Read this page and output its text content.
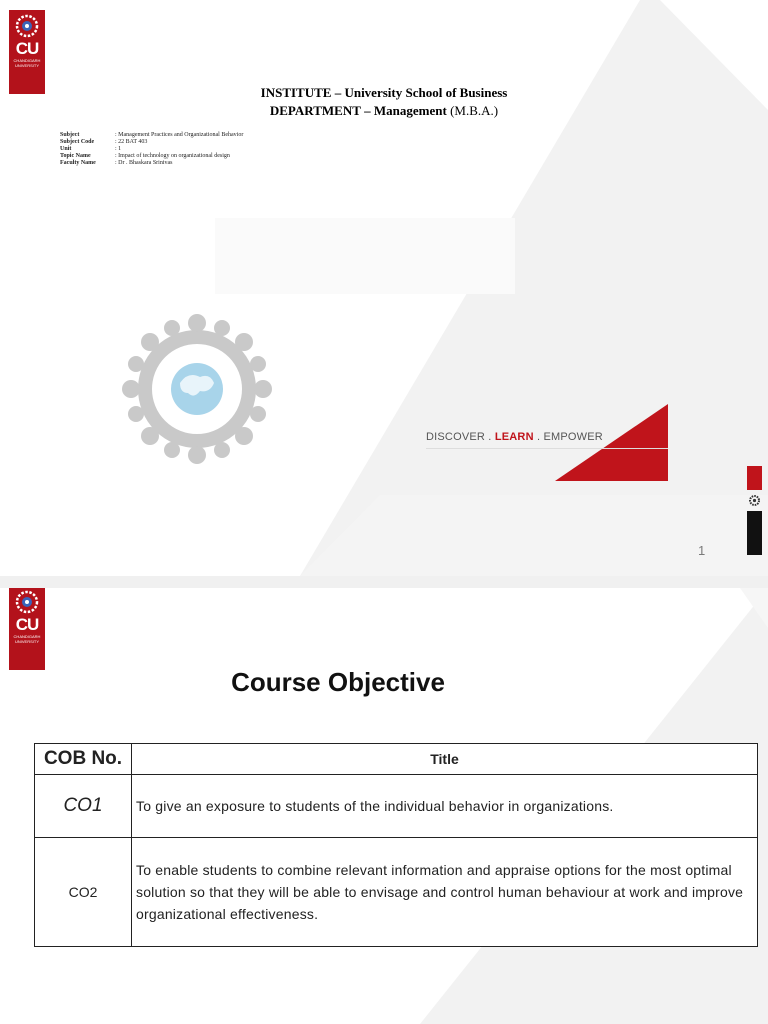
CU
CHANDIGARH UNIVERSITY
INSTITUTE – University School of Business
DEPARTMENT – Management (M.B.A.)
Subject	: Management Practices and Organizational Behavior
Subject Code	: 22 BAT 403
Unit	: 1
Topic Name	: Impact of technology on organizational design
Faculty Name	: Dr . Bhaskara Srinivas
DISCOVER . LEARN . EMPOWER
1
CU
CHANDIGARH UNIVERSITY
Course Objective
COB No.	Title
CO1	To give an exposure to students of the individual behavior in organizations.
CO2	To enable students to combine relevant information and appraise options for the most optimal solution so that they will be able to envisage and control human behaviour at work and improve organizational effectiveness.
